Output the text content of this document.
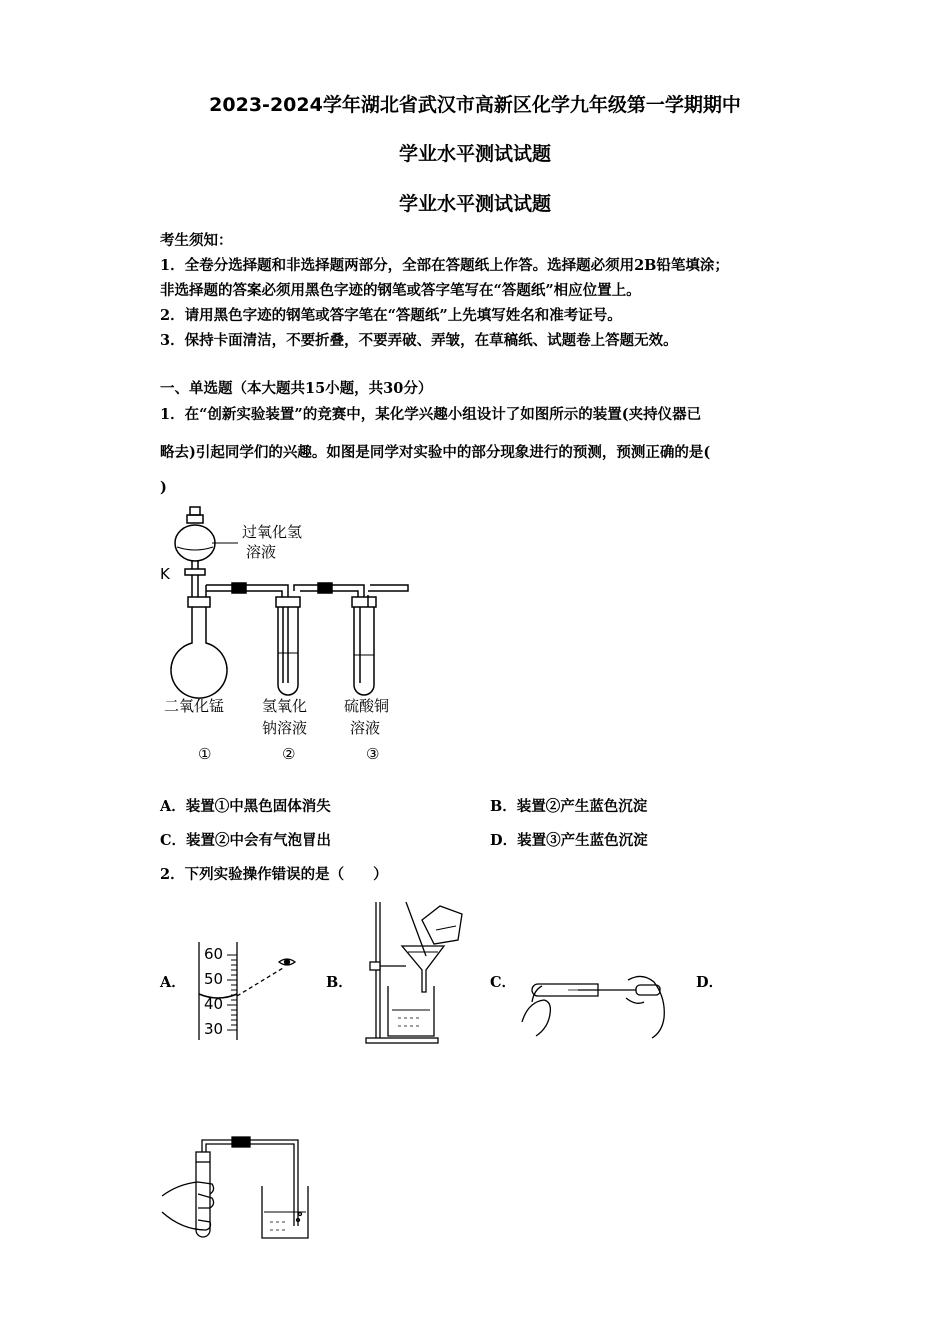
2023-2024学年湖北省武汉市高新区化学九年级第一学期期中
学业水平测试试题
学业水平测试试题
考生须知：
1．全卷分选择题和非选择题两部分，全部在答题纸上作答。选择题必须用2B铅笔填涂；
非选择题的答案必须用黑色字迹的钢笔或答字笔写在“答题纸”相应位置上。
2．请用黑色字迹的钢笔或答字笔在“答题纸”上先填写姓名和准考证号。
3．保持卡面清洁，不要折叠，不要弄破、弄皱，在草稿纸、试题卷上答题无效。
一、单选题（本大题共15小题，共30分）
1．在“创新实验装置”的竞赛中，某化学兴趣小组设计了如图所示的装置(夹持仪器已
略去)引起同学们的兴趣。如图是同学对实验中的部分现象进行的预测，预测正确的是(
)
过氧化氢
溶液
K
二氧化锰	氢氧化
钠溶液
硫酸铜
溶液
①	②	③
A．装置①中黑色固体消失	B．装置②产生蓝色沉淀
C．装置②中会有气泡冒出	D．装置③产生蓝色沉淀
2．下列实验操作错误的是（　　）
A．	B．	C．	D．
60
50
40
30
